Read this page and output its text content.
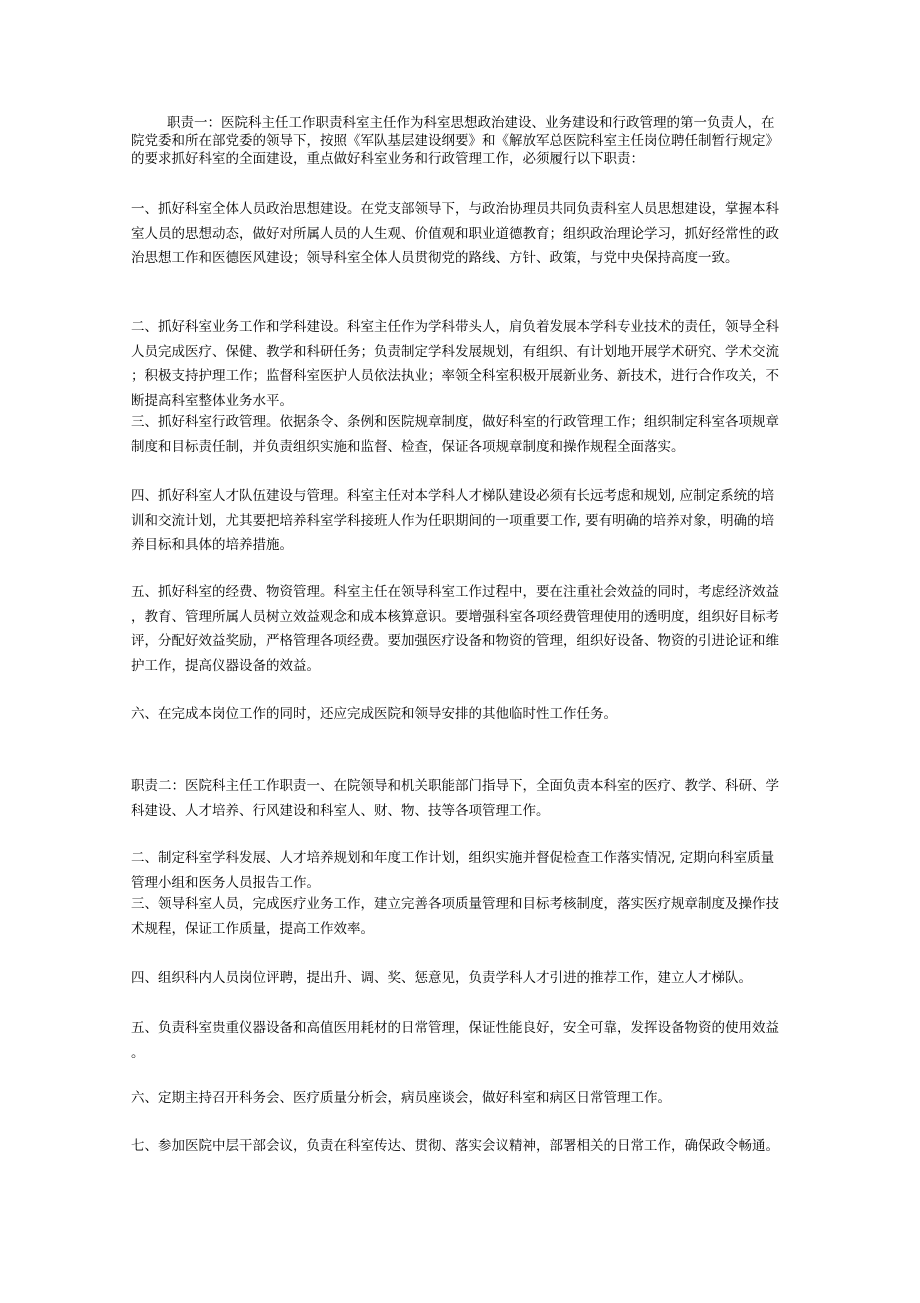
职责一：医院科主任工作职责科室主任作为科室思想政治建设、业务建设和行政管理的第一负责人，在
院党委和所在部党委的领导下，按照《军队基层建设纲要》和《解放军总医院科室主任岗位聘任制暂行规定》
的要求抓好科室的全面建设，重点做好科室业务和行政管理工作，必须履行以下职责：
一、抓好科室全体人员政治思想建设。在党支部领导下，与政治协理员共同负责科室人员思想建设，掌握本科
室人员的思想动态，做好对所属人员的人生观、价值观和职业道德教育；组织政治理论学习，抓好经常性的政
治思想工作和医德医风建设；领导科室全体人员贯彻党的路线、方针、政策，与党中央保持高度一致。
二、抓好科室业务工作和学科建设。科室主任作为学科带头人，肩负着发展本学科专业技术的责任，领导全科
人员完成医疗、保健、教学和科研任务；负责制定学科发展规划，有组织、有计划地开展学术研究、学术交流
；积极支持护理工作；监督科室医护人员依法执业；率领全科室积极开展新业务、新技术，进行合作攻关，不
断提高科室整体业务水平。
三、抓好科室行政管理。依据条令、条例和医院规章制度，做好科室的行政管理工作；组织制定科室各项规章
制度和目标责任制，并负责组织实施和监督、检查，保证各项规章制度和操作规程全面落实。
四、抓好科室人才队伍建设与管理。科室主任对本学科人才梯队建设必须有长远考虑和规划, 应制定系统的培
训和交流计划，尤其要把培养科室学科接班人作为任职期间的一项重要工作, 要有明确的培养对象，明确的培
养目标和具体的培养措施。
五、抓好科室的经费、物资管理。科室主任在领导科室工作过程中，要在注重社会效益的同时，考虑经济效益
，教育、管理所属人员树立效益观念和成本核算意识。要增强科室各项经费管理使用的透明度，组织好目标考
评，分配好效益奖励，严格管理各项经费。要加强医疗设备和物资的管理，组织好设备、物资的引进论证和维
护工作，提高仪器设备的效益。
六、在完成本岗位工作的同时，还应完成医院和领导安排的其他临时性工作任务。
职责二：医院科主任工作职责一、在院领导和机关职能部门指导下，全面负责本科室的医疗、教学、科研、学
科建设、人才培养、行风建设和科室人、财、物、技等各项管理工作。
二、制定科室学科发展、人才培养规划和年度工作计划，组织实施并督促检查工作落实情况, 定期向科室质量
管理小组和医务人员报告工作。
三、领导科室人员，完成医疗业务工作，建立完善各项质量管理和目标考核制度，落实医疗规章制度及操作技
术规程，保证工作质量，提高工作效率。
四、组织科内人员岗位评聘，提出升、调、奖、惩意见，负责学科人才引进的推荐工作，建立人才梯队。
五、负责科室贵重仪器设备和高值医用耗材的日常管理，保证性能良好，安全可靠，发挥设备物资的使用效益
。
六、定期主持召开科务会、医疗质量分析会，病员座谈会，做好科室和病区日常管理工作。
七、参加医院中层干部会议，负责在科室传达、贯彻、落实会议精神，部署相关的日常工作，确保政令畅通。
